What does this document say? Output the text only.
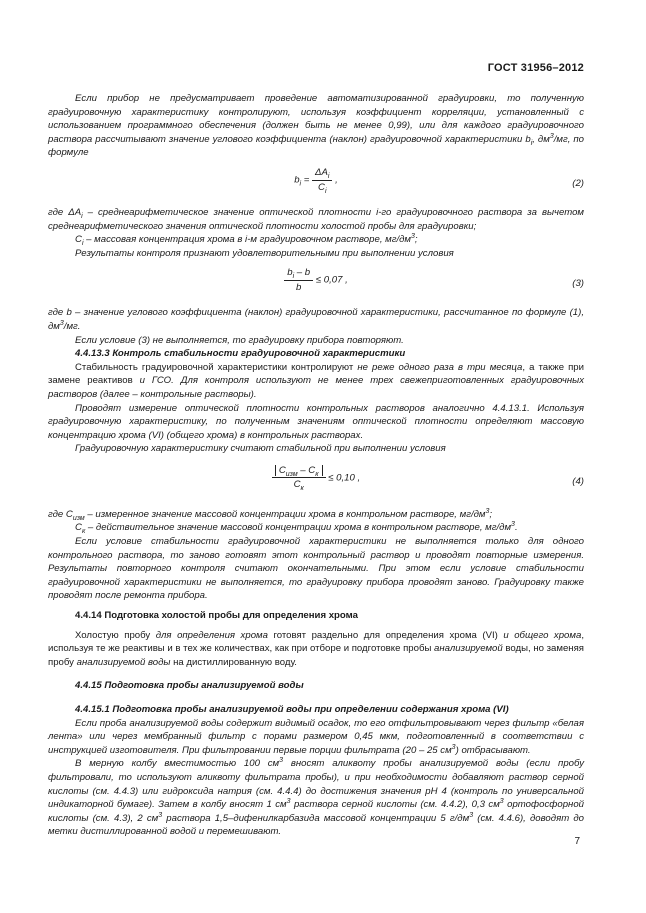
ГОСТ 31956–2012

Если прибор не предусматривает проведение автоматизированной градуировки, то полученную градуировочную характеристику контролируют, используя коэффициент корреляции, установленный с использованием программного обеспечения (должен быть не менее 0,99), или для каждого градуировочного раствора рассчитывают значение углового коэффициента (наклон) градуировочной характеристики $b_i$, $дм^3/мг$, по формуле

$b_i = \frac{\Delta A_i}{C_i}$ ,	(2)

где $\Delta A_i$ – среднеарифметическое значение оптической плотности i-го градуировочного раствора за вычетом среднеарифметического значения оптической плотности холостой пробы для градуировки;

$C_i$ – массовая концентрация хрома в i-м градуировочном растворе, $мг/дм^3$;

Результаты контроля признают удовлетворительными при выполнении условия

$\frac{b_i - b}{b} \le 0,07$ ,	(3)

где b – значение углового коэффициента (наклон) градуировочной характеристики, рассчитанное по формуле (1), $дм^3/мг$.

Если условие (3) не выполняется, то градуировку прибора повторяют.

4.4.13.3 Контроль стабильности градуировочной характеристики

Стабильность градуировочной характеристики контролируют не реже одного раза в три месяца, а также при замене реактивов и ГСО. Для контроля используют не менее трех свежеприготовленных градуировочных растворов (далее – контрольные растворы).

Проводят измерение оптической плотности контрольных растворов аналогично 4.4.13.1. Используя градуировочную характеристику, по полученным значениям оптической плотности определяют массовую концентрацию хрома (VI) (общего хрома) в контрольных растворах.

Градуировочную характеристику считают стабильной при выполнении условия

$\frac{C_{изм} - C_к}{C_к} \le 0,10$ ,	(4)

где $C_{изм}$ – измеренное значение массовой концентрации хрома в контрольном растворе, $мг/дм^3$;

$C_к$ – действительное значение массовой концентрации хрома в контрольном растворе, $мг/дм^3$.

Если условие стабильности градуировочной характеристики не выполняется только для одного контрольного раствора, то заново готовят этот контрольный раствор и проводят повторные измерения. Результаты повторного контроля считают окончательными. При этом если условие стабильности градуировочной характеристики не выполняется, то градуировку прибора проводят заново. Градуировку также проводят после ремонта прибора.

4.4.14 Подготовка холостой пробы для определения хрома

Холостую пробу для определения хрома готовят раздельно для определения хрома (VI) и общего хрома, используя те же реактивы и в тех же количествах, как при отборе и подготовке пробы анализируемой воды, но заменяя пробу анализируемой воды на дистиллированную воду.

4.4.15 Подготовка пробы анализируемой воды

4.4.15.1 Подготовка пробы анализируемой воды при определении содержания хрома (VI)

Если проба анализируемой воды содержит видимый осадок, то его отфильтровывают через фильтр «белая лента» или через мембранный фильтр с порами размером 0,45 мкм, подготовленный в соответствии с инструкцией изготовителя. При фильтровании первые порции фильтрата (20 – 25 $см^3$) отбрасывают.

В мерную колбу вместимостью 100 $см^3$ вносят аликвоту пробы анализируемой воды (если пробу фильтровали, то используют аликвоту фильтрата пробы), и при необходимости добавляют раствор серной кислоты (см. 4.4.3) или гидроксида натрия (см. 4.4.4) до достижения значения рН 4 (контроль по универсальной индикаторной бумаге). Затем в колбу вносят 1 $см^3$ раствора серной кислоты (см. 4.4.2), 0,3 $см^3$ ортофосфорной кислоты (см. 4.3), 2 $см^3$ раствора 1,5–дифенилкарбазида массовой концентрации 5 $г/дм^3$ (см. 4.4.6), доводят до метки дистиллированной водой и перемешивают.

7
